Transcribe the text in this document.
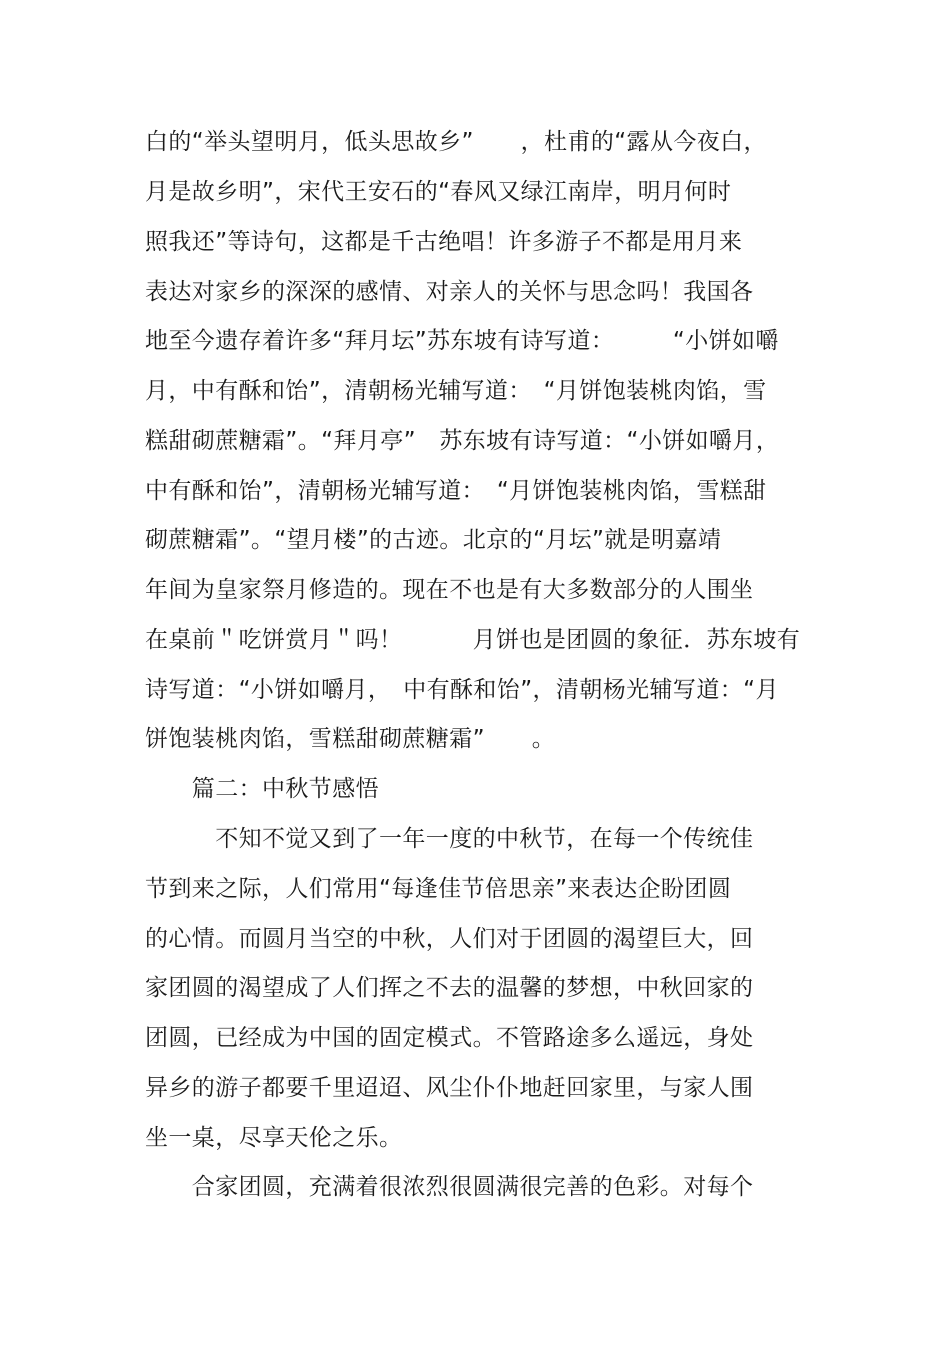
白的“举头望明月，低头思故乡”　　，杜甫的“露从今夜白，
月是故乡明”，宋代王安石的“春风又绿江南岸，明月何时
照我还”等诗句，这都是千古绝唱！许多游子不都是用月来
表达对家乡的深深的感情、对亲人的关怀与思念吗！我国各
地至今遗存着许多“拜月坛”苏东坡有诗写道：　　　“小饼如嚼
月，中有酥和饴”，清朝杨光辅写道：　“月饼饱装桃肉馅，雪
糕甜砌蔗糖霜”。“拜月亭”　苏东坡有诗写道：“小饼如嚼月，
中有酥和饴”，清朝杨光辅写道：　“月饼饱装桃肉馅，雪糕甜
砌蔗糖霜”。“望月楼”的古迹。北京的“月坛”就是明嘉靖
年间为皇家祭月修造的。现在不也是有大多数部分的人围坐
在桌前＂吃饼赏月＂吗！　　　月饼也是团圆的象征．苏东坡有
诗写道：“小饼如嚼月，　中有酥和饴”，清朝杨光辅写道：“月
饼饱装桃肉馅，雪糕甜砌蔗糖霜”　　。
　　篇二：中秋节感悟
　　　不知不觉又到了一年一度的中秋节，在每一个传统佳
节到来之际，人们常用“每逢佳节倍思亲”来表达企盼团圆
的心情。而圆月当空的中秋，人们对于团圆的渴望巨大，回
家团圆的渴望成了人们挥之不去的温馨的梦想，中秋回家的
团圆，已经成为中国的固定模式。不管路途多么遥远，身处
异乡的游子都要千里迢迢、风尘仆仆地赶回家里，与家人围
坐一桌，尽享天伦之乐。
　　合家团圆，充满着很浓烈很圆满很完善的色彩。对每个
